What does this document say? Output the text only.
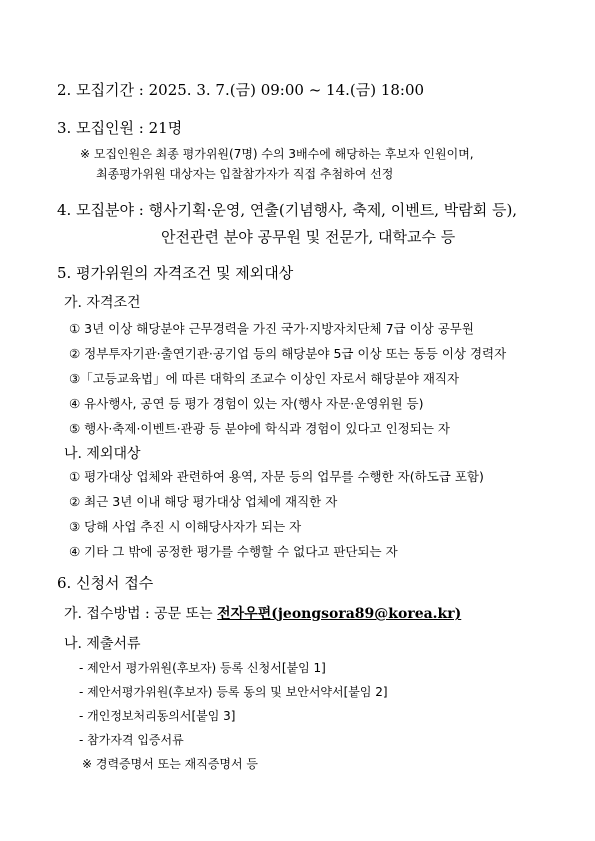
2. 모집기간 : 2025. 3. 7.(금) 09:00 ~ 14.(금) 18:00
3. 모집인원 : 21명
※ 모집인원은 최종 평가위원(7명) 수의 3배수에 해당하는 후보자 인원이며,
최종평가위원 대상자는 입찰참가자가 직접 추첨하여 선정
4. 모집분야 : 행사기획·운영, 연출(기념행사, 축제, 이벤트, 박람회 등),
안전관련 분야 공무원 및 전문가, 대학교수 등
5. 평가위원의 자격조건 및 제외대상
가. 자격조건
① 3년 이상 해당분야 근무경력을 가진 국가·지방자치단체 7급 이상 공무원
② 정부투자기관·출연기관·공기업 등의 해당분야 5급 이상 또는 동등 이상 경력자
③「고등교육법」에 따른 대학의 조교수 이상인 자로서 해당분야 재직자
④ 유사행사, 공연 등 평가 경험이 있는 자(행사 자문·운영위원 등)
⑤ 행사·축제·이벤트·관광 등 분야에 학식과 경험이 있다고 인정되는 자
나. 제외대상
① 평가대상 업체와 관련하여 용역, 자문 등의 업무를 수행한 자(하도급 포함)
② 최근 3년 이내 해당 평가대상 업체에 재직한 자
③ 당해 사업 추진 시 이해당사자가 되는 자
④ 기타 그 밖에 공정한 평가를 수행할 수 없다고 판단되는 자
6. 신청서 접수
가. 접수방법 : 공문 또는 전자우편(jeongsora89@korea.kr)
나. 제출서류
- 제안서 평가위원(후보자) 등록 신청서[붙임 1]
- 제안서평가위원(후보자) 등록 동의 및 보안서약서[붙임 2]
- 개인정보처리동의서[붙임 3]
- 참가자격 입증서류
※ 경력증명서 또는 재직증명서 등
